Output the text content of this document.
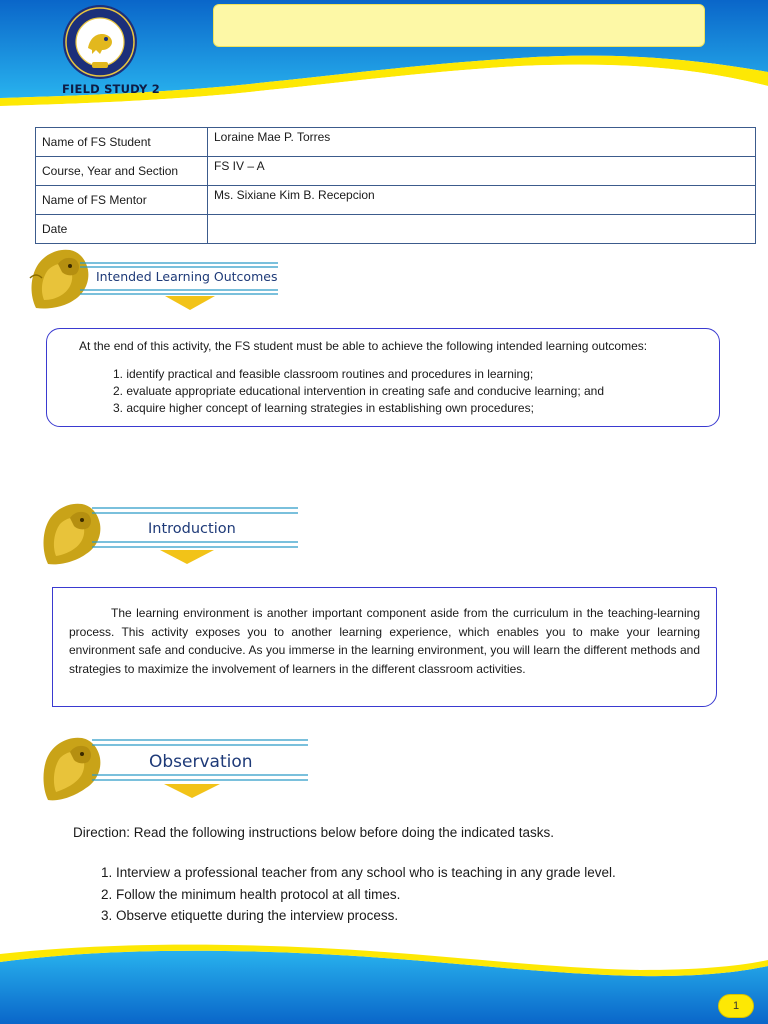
FIELD STUDY 2
Name of FS Student	Loraine Mae P. Torres
Course, Year and Section	FS IV – A
Name of FS Mentor	Ms. Sixiane Kim B. Recepcion
Date	
Intended Learning Outcomes
At the end of this activity, the FS student must be able to achieve the following intended learning outcomes:
1. identify practical and feasible classroom routines and procedures in learning;
2. evaluate appropriate educational intervention in creating safe and conducive learning; and
3. acquire higher concept of learning strategies in establishing own procedures;
Introduction
The learning environment is another important component aside from the curriculum in the teaching-learning process. This activity exposes you to another learning experience, which enables you to make your learning environment safe and conducive. As you immerse in the learning environment, you will learn the different methods and strategies to maximize the involvement of learners in the different classroom activities.
Observation
Direction: Read the following instructions below before doing the indicated tasks.
1. Interview a professional teacher from any school who is teaching in any grade level.
2. Follow the minimum health protocol at all times.
3. Observe etiquette during the interview process.
1
